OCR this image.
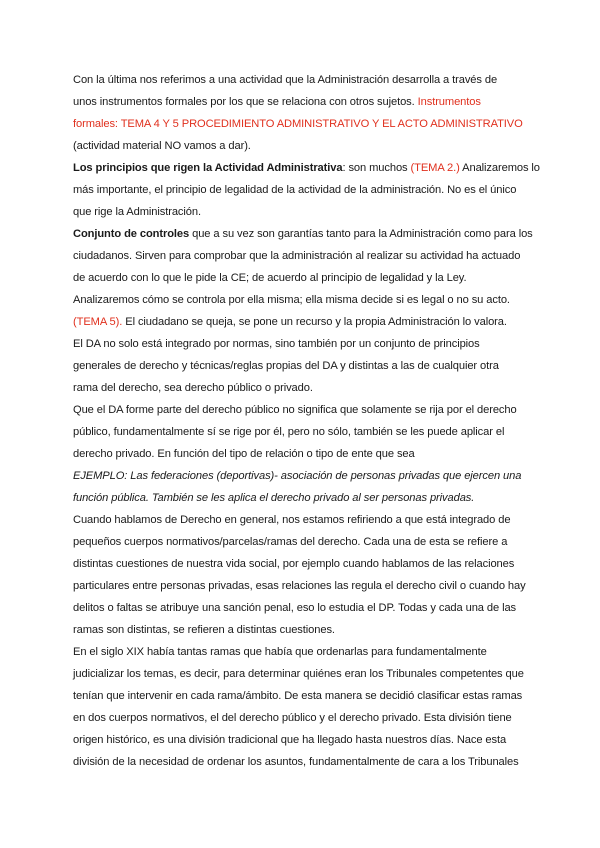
Con la última nos referimos a una actividad que la Administración desarrolla a través de
unos instrumentos formales por los que se relaciona con otros sujetos. Instrumentos
formales: TEMA 4 Y 5 PROCEDIMIENTO ADMINISTRATIVO Y EL ACTO ADMINISTRATIVO
(actividad material NO vamos a dar).
Los principios que rigen la Actividad Administrativa: son muchos (TEMA 2.) Analizaremos lo
más importante, el principio de legalidad de la actividad de la administración. No es el único
que rige la Administración.
Conjunto de controles que a su vez son garantías tanto para la Administración como para los
ciudadanos. Sirven para comprobar que la administración al realizar su actividad ha actuado
de acuerdo con lo que le pide la CE; de acuerdo al principio de legalidad y la Ley.
Analizaremos cómo se controla por ella misma; ella misma decide si es legal o no su acto.
(TEMA 5). El ciudadano se queja, se pone un recurso y la propia Administración lo valora.
El DA no solo está integrado por normas, sino también por un conjunto de principios
generales de derecho y técnicas/reglas propias del DA y distintas a las de cualquier otra
rama del derecho, sea derecho público o privado.
Que el DA forme parte del derecho público no significa que solamente se rija por el derecho
público, fundamentalmente sí se rige por él, pero no sólo, también se les puede aplicar el
derecho privado. En función del tipo de relación o tipo de ente que sea
EJEMPLO: Las federaciones (deportivas)- asociación de personas privadas que ejercen una
función pública. También se les aplica el derecho privado al ser personas privadas.
Cuando hablamos de Derecho en general, nos estamos refiriendo a que está integrado de
pequeños cuerpos normativos/parcelas/ramas del derecho. Cada una de esta se refiere a
distintas cuestiones de nuestra vida social, por ejemplo cuando hablamos de las relaciones
particulares entre personas privadas, esas relaciones las regula el derecho civil o cuando hay
delitos o faltas se atribuye una sanción penal, eso lo estudia el DP. Todas y cada una de las
ramas son distintas, se refieren a distintas cuestiones.
En el siglo XIX había tantas ramas que había que ordenarlas para fundamentalmente
judicializar los temas, es decir, para determinar quiénes eran los Tribunales competentes que
tenían que intervenir en cada rama/ámbito. De esta manera se decidió clasificar estas ramas
en dos cuerpos normativos, el del derecho público y el derecho privado. Esta división tiene
origen histórico, es una división tradicional que ha llegado hasta nuestros días. Nace esta
división de la necesidad de ordenar los asuntos, fundamentalmente de cara a los Tribunales
